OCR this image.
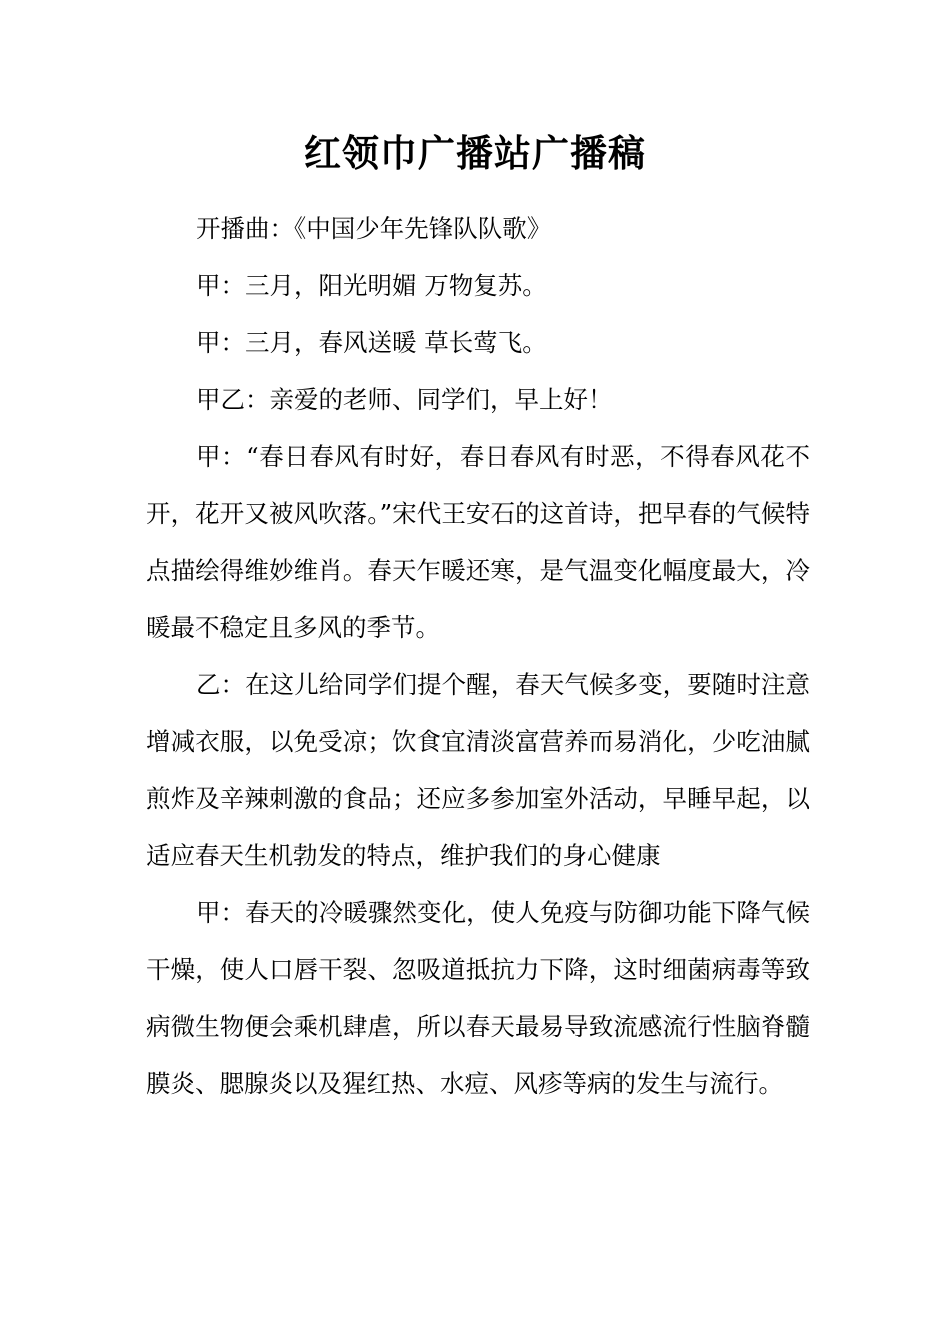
红领巾广播站广播稿

开播曲：《中国少年先锋队队歌》

甲：三月，阳光明媚 万物复苏。

甲：三月，春风送暖 草长莺飞。

甲乙：亲爱的老师、同学们，早上好！

甲：“春日春风有时好，春日春风有时恶，不得春风花不开，花开又被风吹落。”宋代王安石的这首诗，把早春的气候特点描绘得维妙维肖。春天乍暖还寒，是气温变化幅度最大，冷暖最不稳定且多风的季节。

乙：在这儿给同学们提个醒，春天气候多变，要随时注意增减衣服，以免受凉；饮食宜清淡富营养而易消化，少吃油腻煎炸及辛辣刺激的食品；还应多参加室外活动，早睡早起，以适应春天生机勃发的特点，维护我们的身心健康

甲：春天的冷暖骤然变化，使人免疫与防御功能下降气候干燥，使人口唇干裂、忽吸道抵抗力下降，这时细菌病毒等致病微生物便会乘机肆虐，所以春天最易导致流感流行性脑脊髓膜炎、腮腺炎以及猩红热、水痘、风疹等病的发生与流行。
